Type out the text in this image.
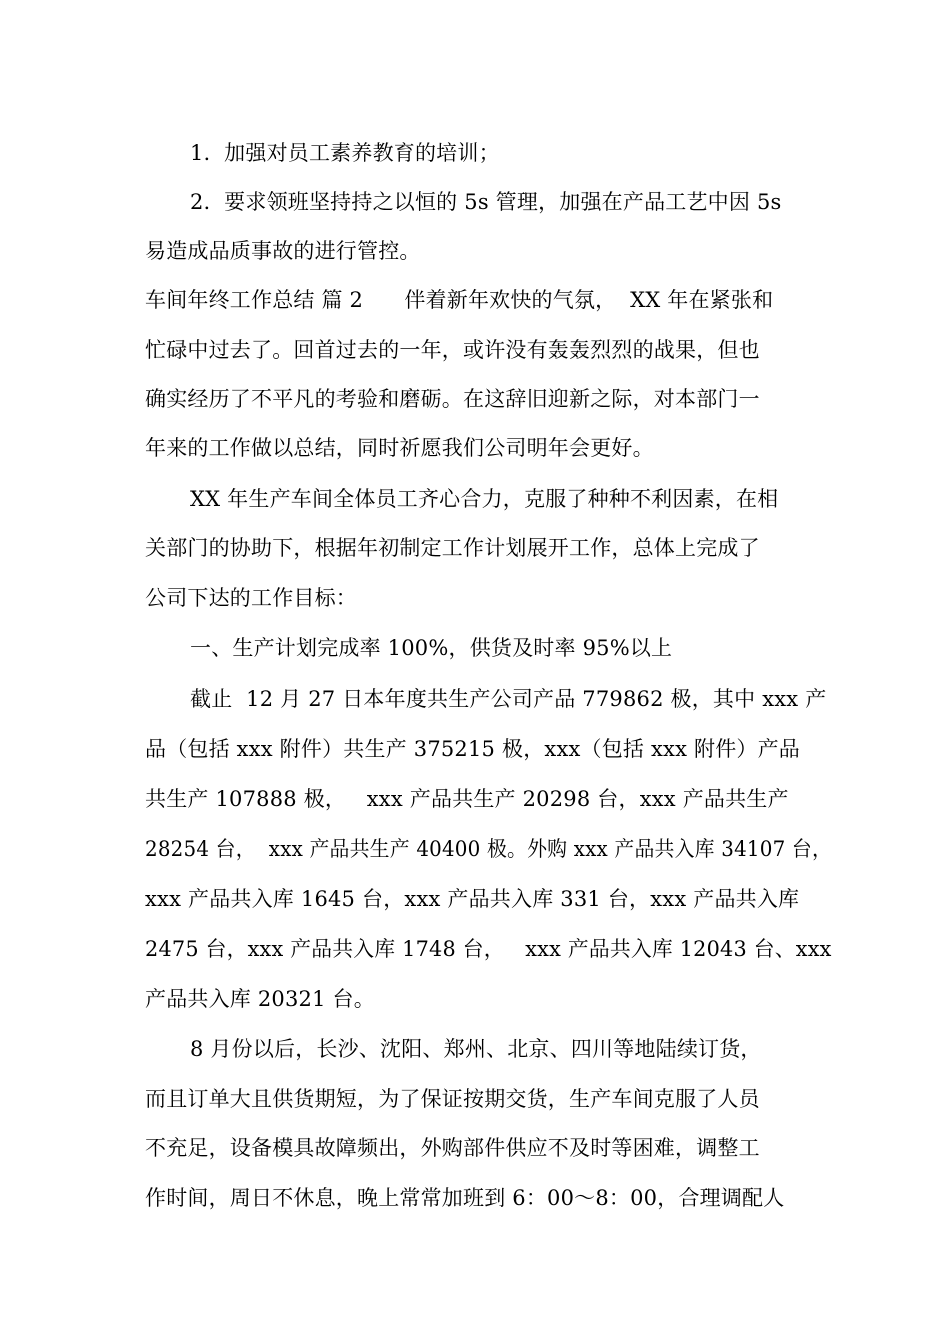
1.  加强对员工素养教育的培训；
2.  要求领班坚持持之以恒的 5s 管理，加强在产品工艺中因 5s
易造成品质事故的进行管控。
车间年终工作总结 篇 2      伴着新年欢快的气氛，  XX 年在紧张和
忙碌中过去了。回首过去的一年，或许没有轰轰烈烈的战果，但也
确实经历了不平凡的考验和磨砺。在这辞旧迎新之际，对本部门一
年来的工作做以总结，同时祈愿我们公司明年会更好。
XX 年生产车间全体员工齐心合力，克服了种种不利因素，在相
关部门的协助下，根据年初制定工作计划展开工作，总体上完成了
公司下达的工作目标：
一、生产计划完成率 100%，供货及时率 95%以上
截止  12 月 27 日本年度共生产公司产品 779862 极，其中 xxx 产
品（包括 xxx 附件）共生产 375215 极，xxx（包括 xxx 附件）产品
共生产 107888 极，   xxx 产品共生产 20298 台，xxx 产品共生产
28254 台，  xxx 产品共生产 40400 极。外购 xxx 产品共入库 34107 台，
xxx 产品共入库 1645 台，xxx 产品共入库 331 台，xxx 产品共入库
2475 台，xxx 产品共入库 1748 台，   xxx 产品共入库 12043 台、xxx
产品共入库 20321 台。
8 月份以后，长沙、沈阳、郑州、北京、四川等地陆续订货，
而且订单大且供货期短，为了保证按期交货，生产车间克服了人员
不充足，设备模具故障频出，外购部件供应不及时等困难，调整工
作时间，周日不休息，晚上常常加班到 6：00～8：00，合理调配人
